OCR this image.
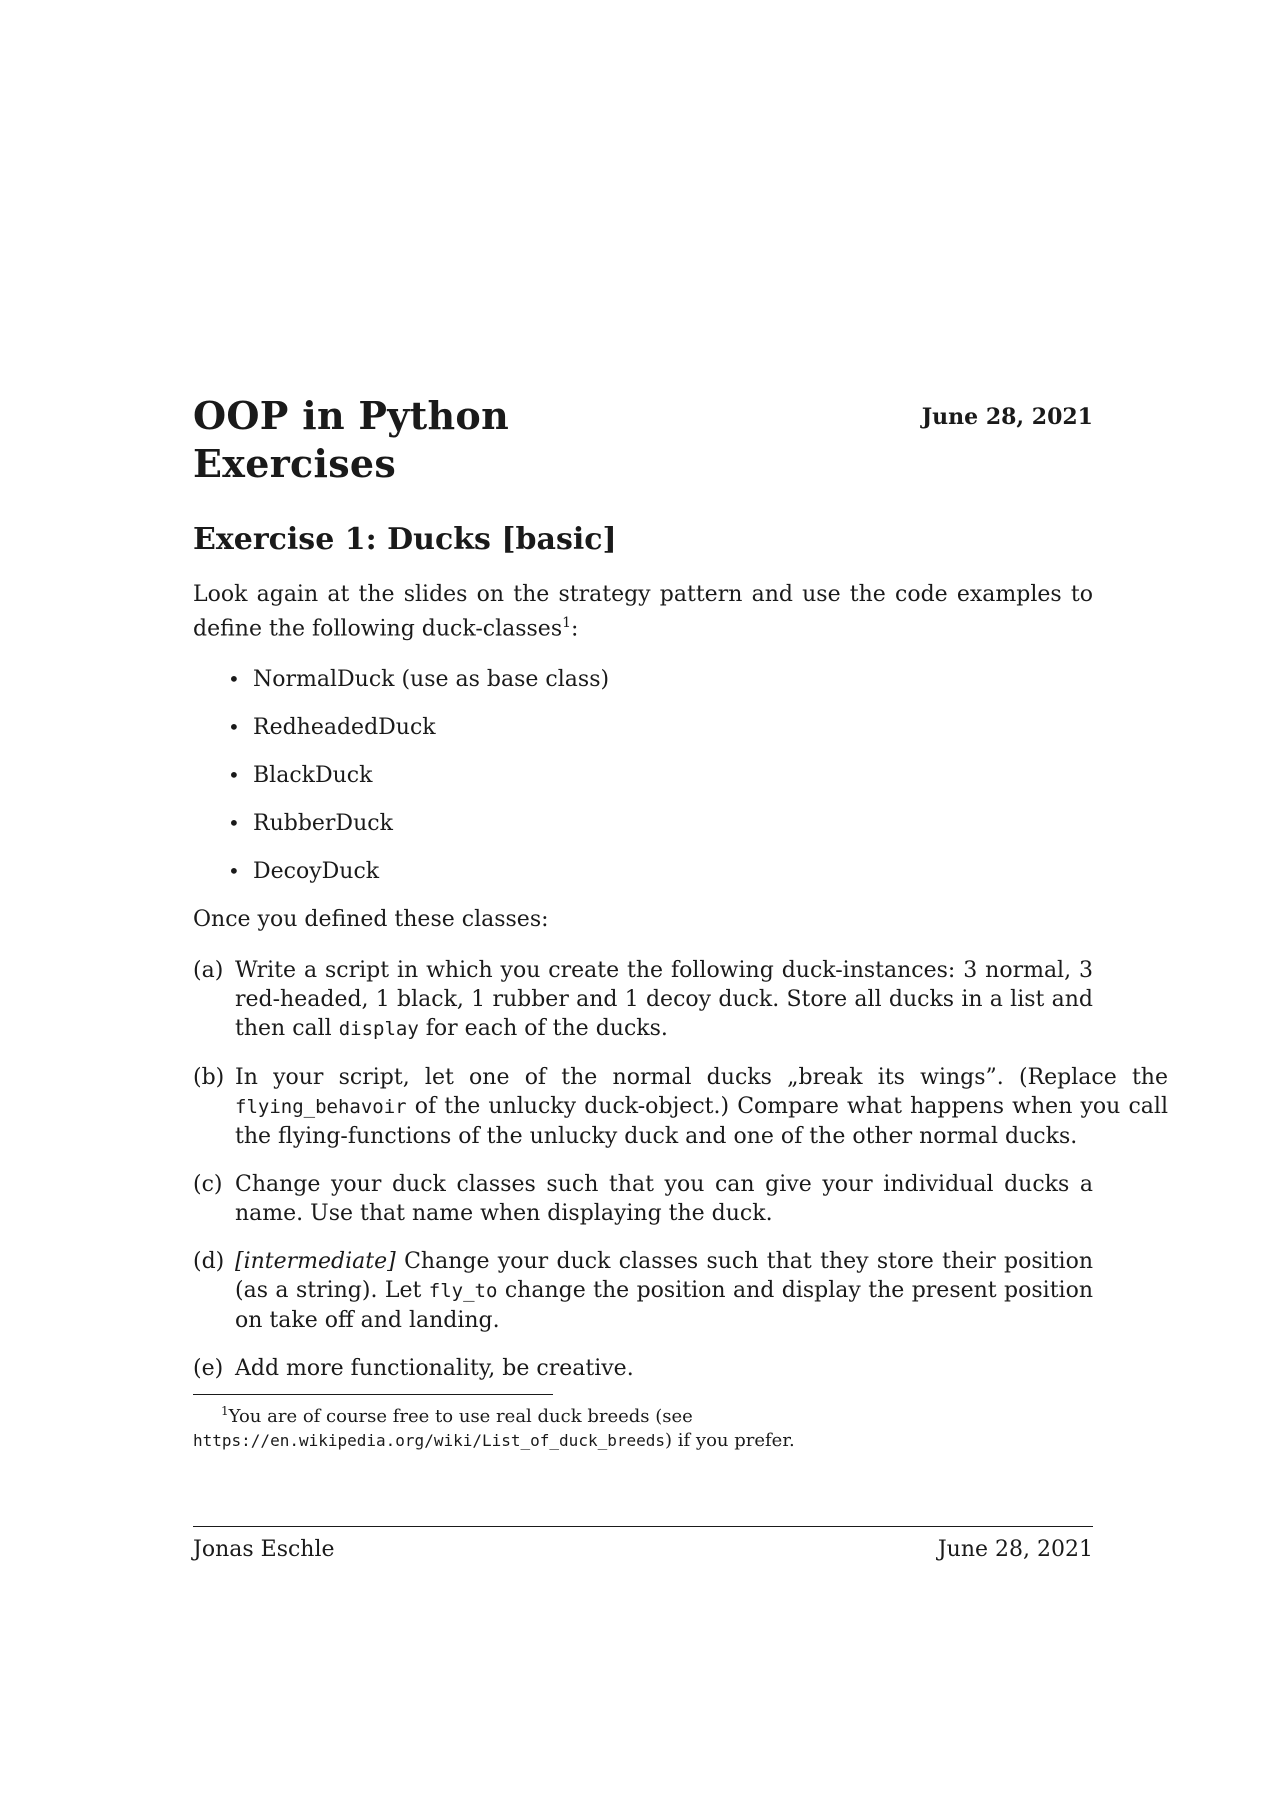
OOP in Python
Exercises
June 28, 2021
Exercise 1: Ducks [basic]

Look again at the slides on the strategy pattern and use the code examples to define the following duck-classes$^1$:

• NormalDuck (use as base class)
• RedheadedDuck
• BlackDuck
• RubberDuck
• DecoyDuck

Once you defined these classes:

(a) Write a script in which you create the following duck-instances: 3 normal, 3 red-headed, 1 black, 1 rubber and 1 decoy duck. Store all ducks in a list and then call display for each of the ducks.
(b) In your script, let one of the normal ducks „break its wings”. (Replace the flying_behavoir of the unlucky duck-object.) Compare what happens when you call the flying-functions of the unlucky duck and one of the other normal ducks.
(c) Change your duck classes such that you can give your individual ducks a name. Use that name when displaying the duck.
(d) [intermediate] Change your duck classes such that they store their position (as a string). Let fly_to change the position and display the present position on take off and landing.
(e) Add more functionality, be creative.

$^1$You are of course free to use real duck breeds (see https://en.wikipedia.org/wiki/List_of_duck_breeds) if you prefer.

Jonas Eschle	June 28, 2021
